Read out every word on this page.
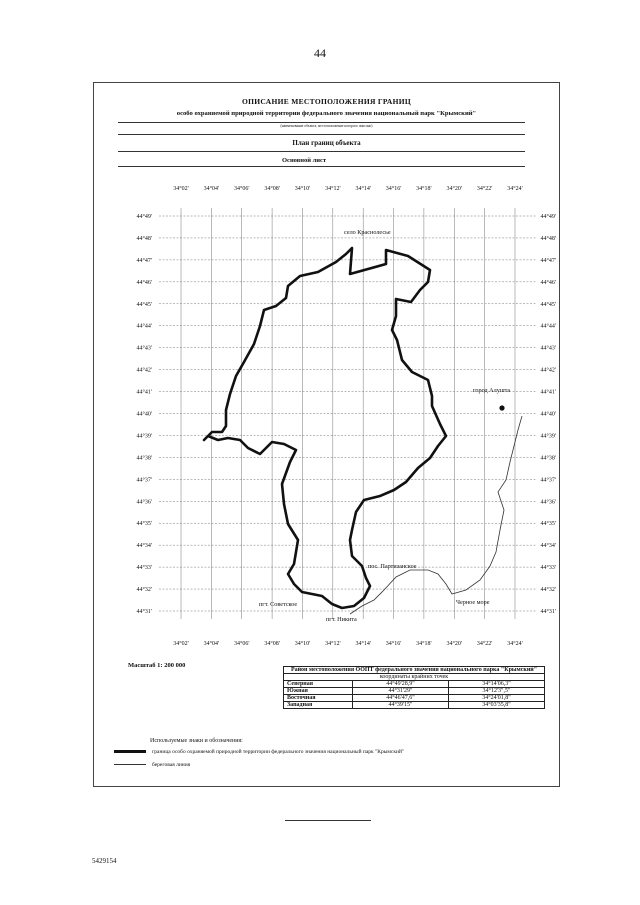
44
ОПИСАНИЕ МЕСТОПОЛОЖЕНИЯ ГРАНИЦ
особо охраняемой природной территории федерального значения национальный парк "Крымский"
(наименование объекта, местоположение которого описано)
План границ объекта
Основной лист
34°02' 34°04' 34°06' 34°08' 34°10' 34°12' 34°14' 34°16' 34°18' 34°20' 34°22' 34°24'
34°02' 34°04' 34°06' 34°08' 34°10' 34°12' 34°14' 34°16' 34°18' 34°20' 34°22' 34°24'
44°49'
44°48'
44°47'
44°46'
44°45'
44°44'
44°43'
44°42'
44°41'
44°40'
44°39'
44°38'
44°37'
44°36'
44°35'
44°34'
44°33'
44°32'
44°31'
44°49'
44°48'
44°47'
44°46'
44°45'
44°44'
44°43'
44°42'
44°41'
44°40'
44°39'
44°38'
44°37'
44°36'
44°35'
44°34'
44°33'
44°32'
44°31'
село Краснолесье
город Алушта
пос. Партизанское
пгт. Советское
пгт. Никита
Черное море
Масштаб 1: 200 000
Район местоположения ООПТ федерального значения национального парка "Крымский"		
координаты крайних точек		
Северная	44°49'28,9"	34°14'06,3"
Южная	44°31'29"	34°12'3",5"
Восточная	44°46'47,6"	34°24'01,8"
Западная	44°39'15"	34°03'35,8"
Используемые знаки и обозначения:
граница особо охраняемой природной территории федерального значения национальный парк "Крымский"
береговая линия
5429154
